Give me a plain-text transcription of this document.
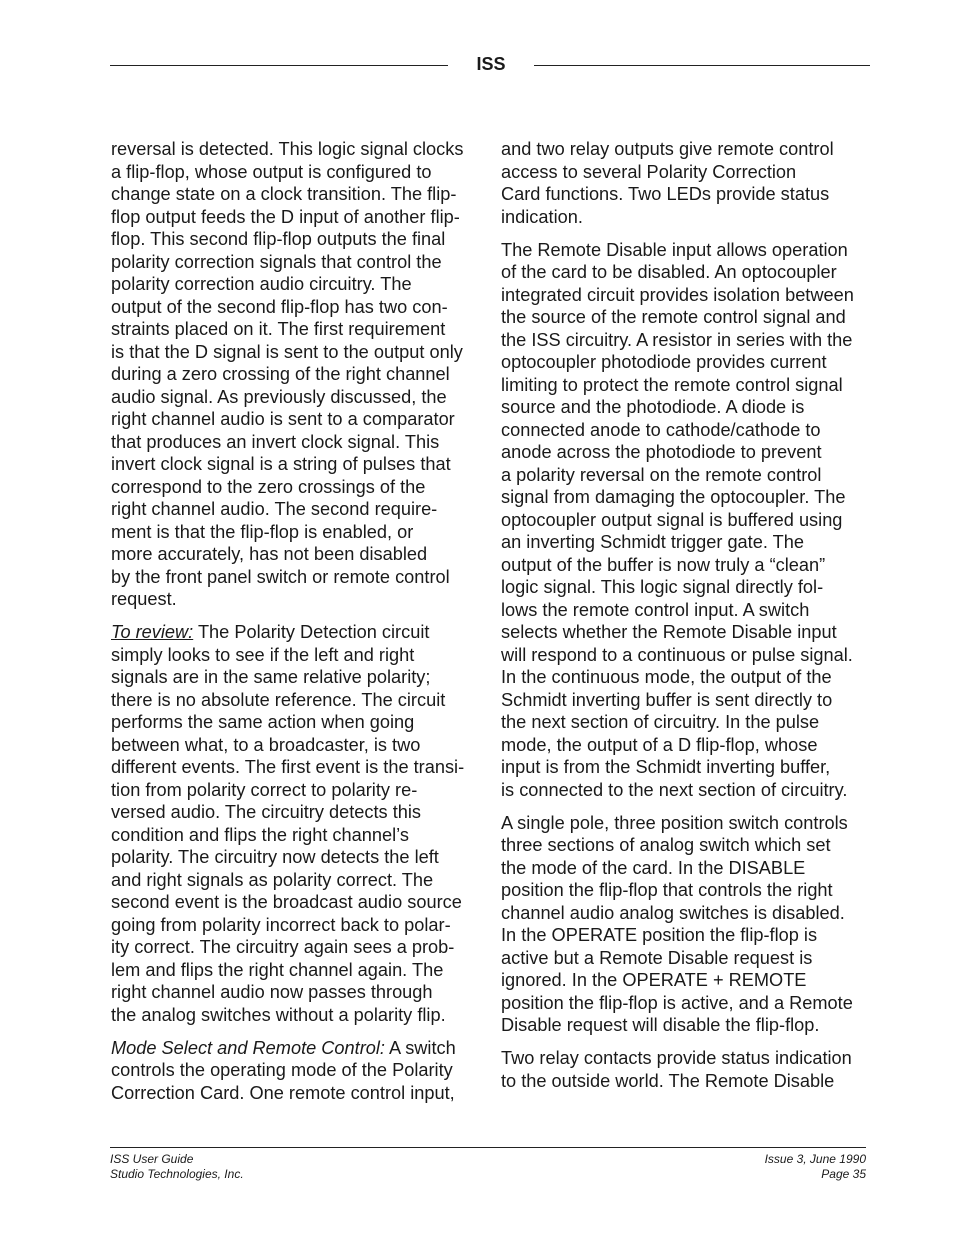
ISS

reversal is detected. This logic signal clocks
a flip-flop, whose output is configured to
change state on a clock transition. The flip-
flop output feeds the D input of another flip-
flop. This second flip-flop outputs the final
polarity correction signals that control the
polarity correction audio circuitry. The
output of the second flip-flop has two con-
straints placed on it. The first requirement
is that the D signal is sent to the output only
during a zero crossing of the right channel
audio signal. As previously discussed, the
right channel audio is sent to a comparator
that produces an invert clock signal. This
invert clock signal is a string of pulses that
correspond to the zero crossings of the
right channel audio. The second require-
ment is that the flip-flop is enabled, or
more accurately, has not been disabled
by the front panel switch or remote control
request.

To review: The Polarity Detection circuit
simply looks to see if the left and right
signals are in the same relative polarity;
there is no absolute reference. The circuit
performs the same action when going
between what, to a broadcaster, is two
different events. The first event is the transi-
tion from polarity correct to polarity re-
versed audio. The circuitry detects this
condition and flips the right channel’s
polarity. The circuitry now detects the left
and right signals as polarity correct. The
second event is the broadcast audio source
going from polarity incorrect back to polar-
ity correct. The circuitry again sees a prob-
lem and flips the right channel again. The
right channel audio now passes through
the analog switches without a polarity flip.

Mode Select and Remote Control: A switch
controls the operating mode of the Polarity
Correction Card. One remote control input,

and two relay outputs give remote control
access to several Polarity Correction
Card functions. Two LEDs provide status
indication.

The Remote Disable input allows operation
of the card to be disabled. An optocoupler
integrated circuit provides isolation between
the source of the remote control signal and
the ISS circuitry. A resistor in series with the
optocoupler photodiode provides current
limiting to protect the remote control signal
source and the photodiode. A diode is
connected anode to cathode/cathode to
anode across the photodiode to prevent
a polarity reversal on the remote control
signal from damaging the optocoupler. The
optocoupler output signal is buffered using
an inverting Schmidt trigger gate. The
output of the buffer is now truly a “clean”
logic signal. This logic signal directly fol-
lows the remote control input. A switch
selects whether the Remote Disable input
will respond to a continuous or pulse signal.
In the continuous mode, the output of the
Schmidt inverting buffer is sent directly to
the next section of circuitry. In the pulse
mode, the output of a D flip-flop, whose
input is from the Schmidt inverting buffer,
is connected to the next section of circuitry.

A single pole, three position switch controls
three sections of analog switch which set
the mode of the card. In the DISABLE
position the flip-flop that controls the right
channel audio analog switches is disabled.
In the OPERATE position the flip-flop is
active but a Remote Disable request is
ignored. In the OPERATE + REMOTE
position the flip-flop is active, and a Remote
Disable request will disable the flip-flop.

Two relay contacts provide status indication
to the outside world. The Remote Disable

ISS User Guide
Studio Technologies, Inc.
Issue 3, June 1990
Page 35
